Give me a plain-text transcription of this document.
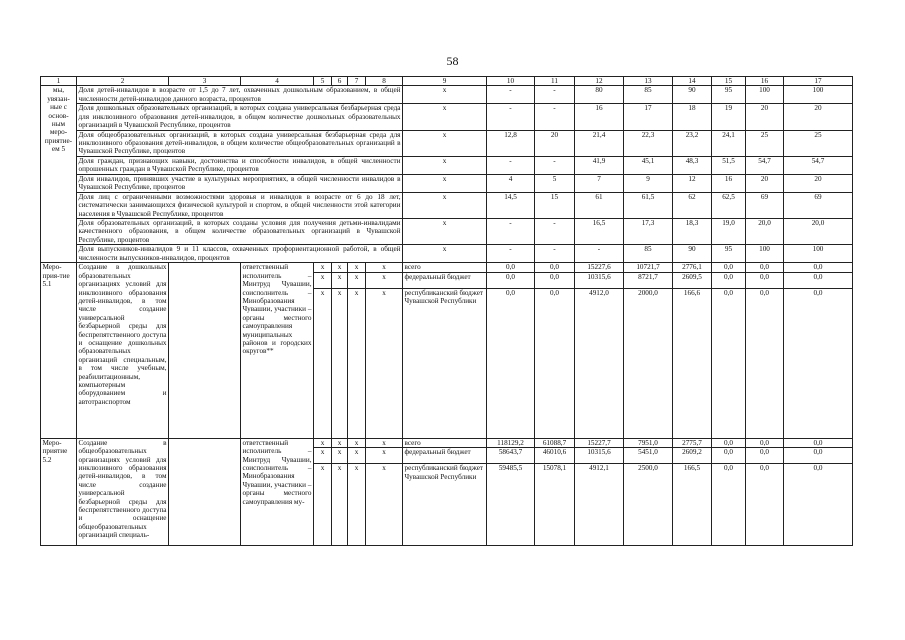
58
1	2	3	4	5	6	7	8	9	10	11	12	13	14	15	16	17
мы, увязан-ные с основ-ным меро-приятие-ем 5	Доля детей-инвалидов в возрасте от 1,5 до 7 лет, охваченных дошкольным образованием, в общей численности детей-инвалидов данного возраста, процентов							x	-	-	80	85	90	95	100	100
	Доля дошкольных образовательных организаций, в которых создана универсальная безбарьерная среда для инклюзивного образования детей-инвалидов, в общем количестве дошкольных образовательных организаций в Чувашской Республике, процентов							x	-	-	16	17	18	19	20	20
	Доля общеобразовательных организаций, в которых создана универсальная безбарьерная среда для инклюзивного образования детей-инвалидов, в общем количестве общеобразовательных организаций в Чувашской Республике, процентов							x	12,8	20	21,4	22,3	23,2	24,1	25	25
	Доля граждан, признающих навыки, достоинства и способности инвалидов, в общей численности опрошенных граждан в Чувашской Республике, процентов							x	-	-	41,9	45,1	48,3	51,5	54,7	54,7
	Доля инвалидов, принявших участие в культурных мероприятиях, в общей численности инвалидов в Чувашской Республике, процентов							x	4	5	7	9	12	16	20	20
	Доля лиц с ограниченными возможностями здоровья и инвалидов в возрасте от 6 до 18 лет, систематически занимающихся физической культурой и спортом, в общей численности этой категории населения в Чувашской Республике, процентов							x	14,5	15	61	61,5	62	62,5	69	69
	Доля образовательных организаций, в которых созданы условия для получения детьми-инвалидами качественного образования, в общем количестве образовательных организаций в Чувашской Республике, процентов							x	-	-	16,5	17,3	18,3	19,0	20,0	20,0
	Доля выпускников-инвалидов 9 и 11 классов, охваченных профориентационной работой, в общей численности выпускников-инвалидов, процентов							x	-	-	-	85	90	95	100	100
Меро-прия-тие 5.1	Создание в дошкольных образовательных организациях условий для инклюзивного образования детей-инвалидов, в том числе создание универсальной безбарьерной среды для беспрепятственного доступа и оснащение дошкольных образовательных организаций специальным, в том числе учебным, реабилитационным, компьютерным оборудованием и автотранспортом		ответственный исполнитель – Минтруд Чувашии, соисполнитель – Минобразования Чувашии, участники – органы местного самоуправления муниципальных районов и городских округов**	x	x	x	x	всего	0,0	0,0	15227,6	10721,7	2776,1	0,0	0,0	0,0
				x	x	x	x	федеральный бюджет	0,0	0,0	10315,6	8721,7	2609,5	0,0	0,0	0,0
				x	x	x	x	республиканский бюджет Чувашской Республики	0,0	0,0	4912,0	2000,0	166,6	0,0	0,0	0,0
Меро-приятие 5.2	Создание в общеобразовательных организациях условий для инклюзивного образования детей-инвалидов, в том числе создание универсальной безбарьерной среды для беспрепятственного доступа и оснащение общеобразовательных организаций специаль-		ответственный исполнитель – Минтруд Чувашии, соисполнитель – Минобразования Чувашии, участники – органы местного самоуправления му-	x	x	x	x	всего	118129,2	61088,7	15227,7	7951,0	2775,7	0,0	0,0	0,0
				x	x	x	x	федеральный бюджет	58643,7	46010,6	10315,6	5451,0	2609,2	0,0	0,0	0,0
				x	x	x	x	республиканский бюджет Чувашской Республики	59485,5	15078,1	4912,1	2500,0	166,5	0,0	0,0	0,0
